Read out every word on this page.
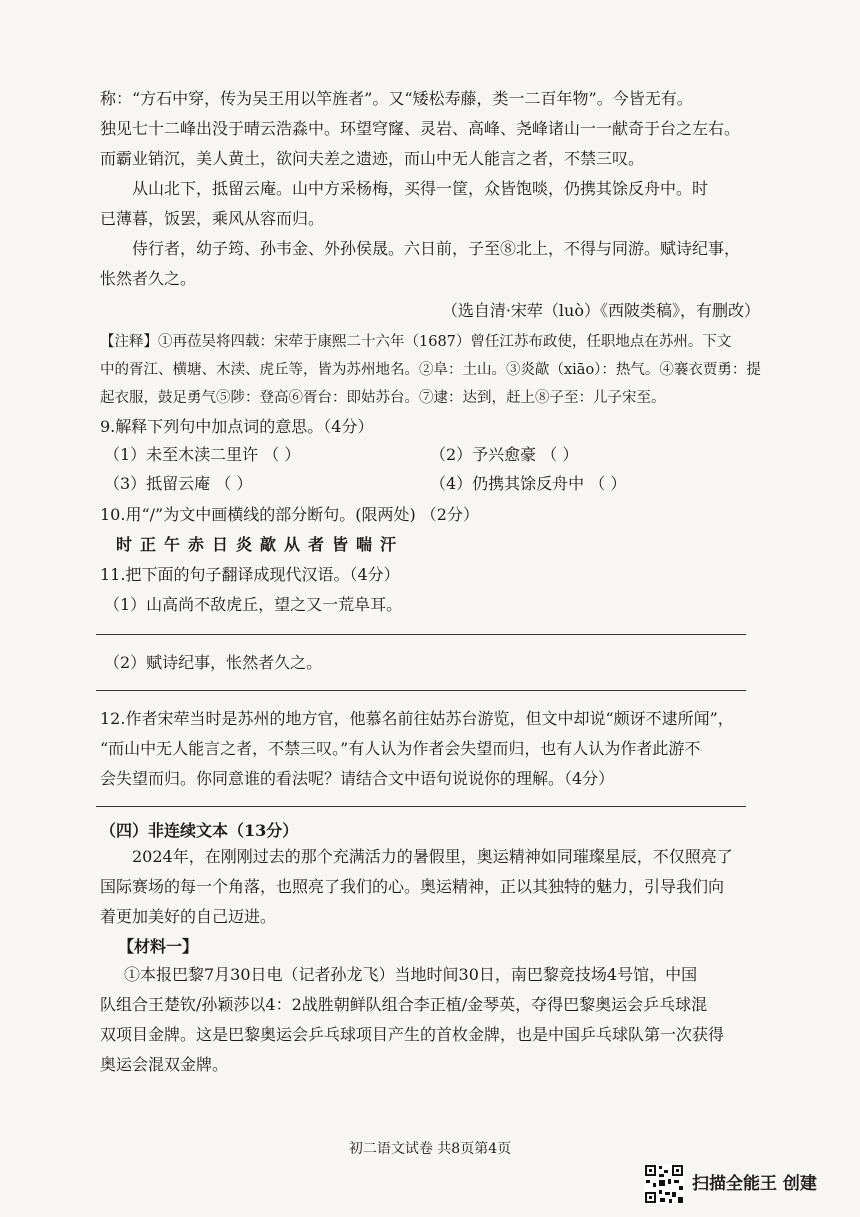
称：“方石中穿，传为吴王用以竿旌者”。又“矮松寿藤，类一二百年物”。今皆无有。
独见七十二峰出没于晴云浩淼中。环望穹窿、灵岩、高峰、尧峰诸山一一献奇于台之左右。
而霸业销沉，美人黄土，欲问夫差之遗迹，而山中无人能言之者，不禁三叹。
从山北下，抵留云庵。山中方采杨梅，买得一筐，众皆饱啖，仍携其馀反舟中。时
已薄暮，饭罢，乘风从容而归。
侍行者，幼子筠、孙韦金、外孙侯晟。六日前，子至⑧北上，不得与同游。赋诗纪事，
怅然者久之。
（选自清·宋荦（luò）《西陂类稿》，有删改）
【注释】①再莅吴将四载：宋荦于康熙二十六年（1687）曾任江苏布政使，任职地点在苏州。下文
中的胥江、横塘、木渎、虎丘等，皆为苏州地名。②阜：土山。③炎歊（xiāo）：热气。④褰衣贾勇：提
起衣服，鼓足勇气⑤陟：登高⑥胥台：即姑苏台。⑦逮：达到，赶上⑧子至：儿子宋至。
9.解释下列句中加点词的意思。（4分）
（1）未至木渎二里许 （ ）	（2）予兴愈豪 （ ）
（3）抵留云庵 （ ）	（4）仍携其馀反舟中 （ ）
10.用“/”为文中画横线的部分断句。(限两处) （2分）
时正午赤日炎歊从者皆喘汗
11.把下面的句子翻译成现代汉语。（4分）
（1）山高尚不敌虎丘，望之又一荒阜耳。
（2）赋诗纪事，怅然者久之。
12.作者宋荦当时是苏州的地方官，他慕名前往姑苏台游览，但文中却说“颇讶不逮所闻”，
“而山中无人能言之者，不禁三叹。”有人认为作者会失望而归，也有人认为作者此游不
会失望而归。你同意谁的看法呢？请结合文中语句说说你的理解。（4分）
（四）非连续文本（13分）
2024年，在刚刚过去的那个充满活力的暑假里，奥运精神如同璀璨星辰，不仅照亮了
国际赛场的每一个角落，也照亮了我们的心。奥运精神，正以其独特的魅力，引导我们向
着更加美好的自己迈进。
【材料一】
①本报巴黎7月30日电（记者孙龙飞）当地时间30日，南巴黎竞技场4号馆，中国
队组合王楚钦/孙颖莎以4：2战胜朝鲜队组合李正植/金琴英，夺得巴黎奥运会乒乓球混
双项目金牌。这是巴黎奥运会乒乓球项目产生的首枚金牌，也是中国乒乓球队第一次获得
奥运会混双金牌。
初二语文试卷 共8页第4页
扫描全能王 创建
